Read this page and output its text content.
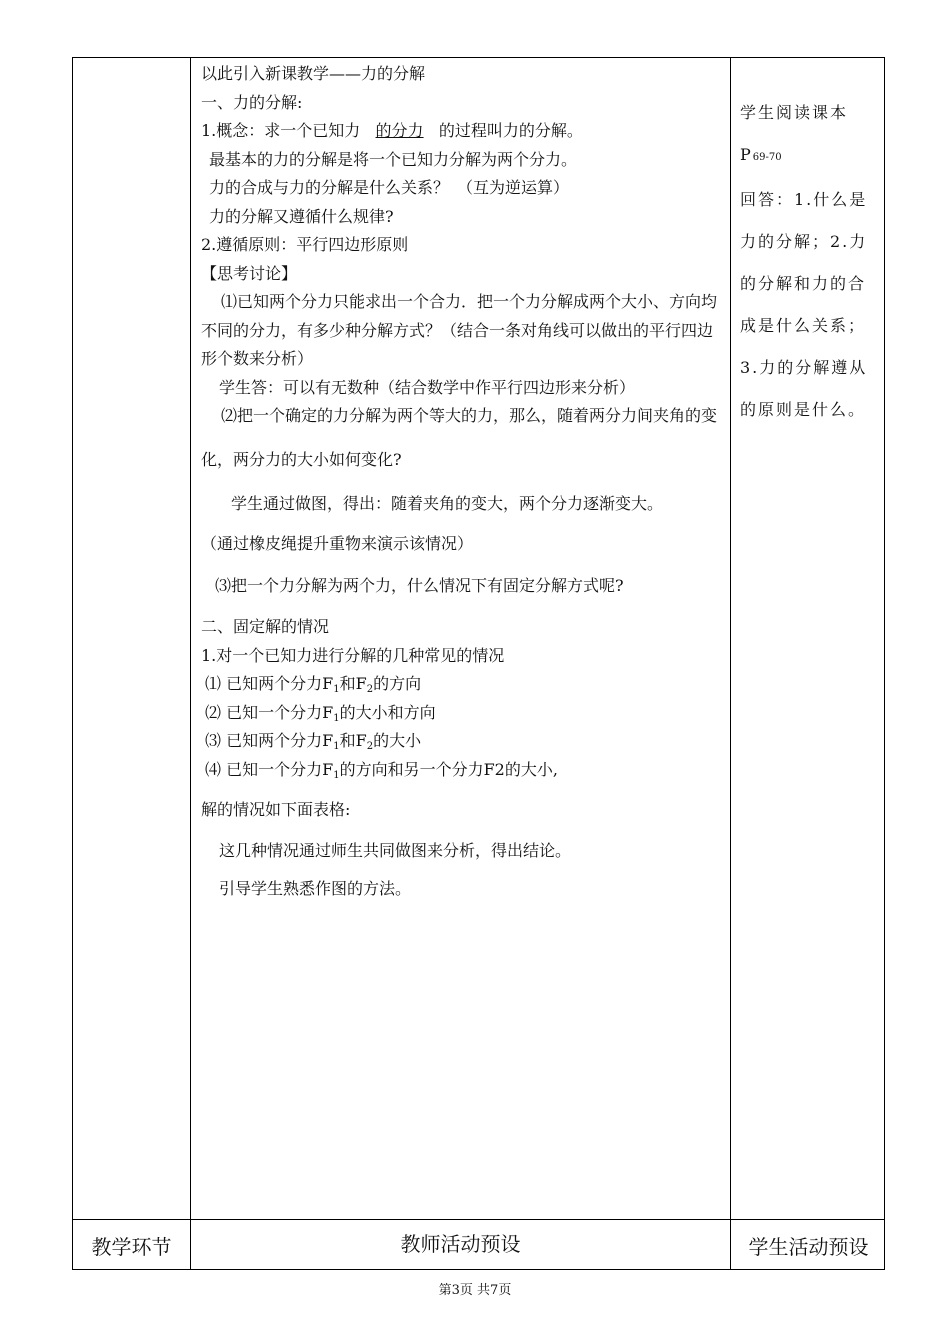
以此引入新课教学——力的分解

一、力的分解:

1.概念：求一个已知力 的分力 的过程叫力的分解。

最基本的力的分解是将一个已知力分解为两个分力。

力的合成与力的分解是什么关系？　（互为逆运算）

力的分解又遵循什么规律?

2.遵循原则：平行四边形原则

【思考讨论】

⑴已知两个分力只能求出一个合力．把一个力分解成两个大小、方向均不同的分力，有多少种分解方式？（结合一条对角线可以做出的平行四边形个数来分析）

学生答：可以有无数种（结合数学中作平行四边形来分析）

⑵把一个确定的力分解为两个等大的力，那么，随着两分力间夹角的变化，两分力的大小如何变化?

学生通过做图，得出：随着夹角的变大，两个分力逐渐变大。

（通过橡皮绳提升重物来演示该情况）

⑶把一个力分解为两个力，什么情况下有固定分解方式呢?

二、固定解的情况

1.对一个已知力进行分解的几种常见的情况

⑴ 已知两个分力$F_1$和$F_2$的方向

⑵ 已知一个分力$F_1$的大小和方向

⑶ 已知两个分力$F_1$和$F_2$的大小

⑷ 已知一个分力$F_1$的方向和另一个分力F2的大小,

解的情况如下面表格:

这几种情况通过师生共同做图来分析，得出结论。

引导学生熟悉作图的方法。

学生阅读课本

P69-70

回答：1.什么是力的分解；2.力的分解和力的合成是什么关系；3.力的分解遵从的原则是什么。

教学环节	教师活动预设	学生活动预设
第3页 共7页
